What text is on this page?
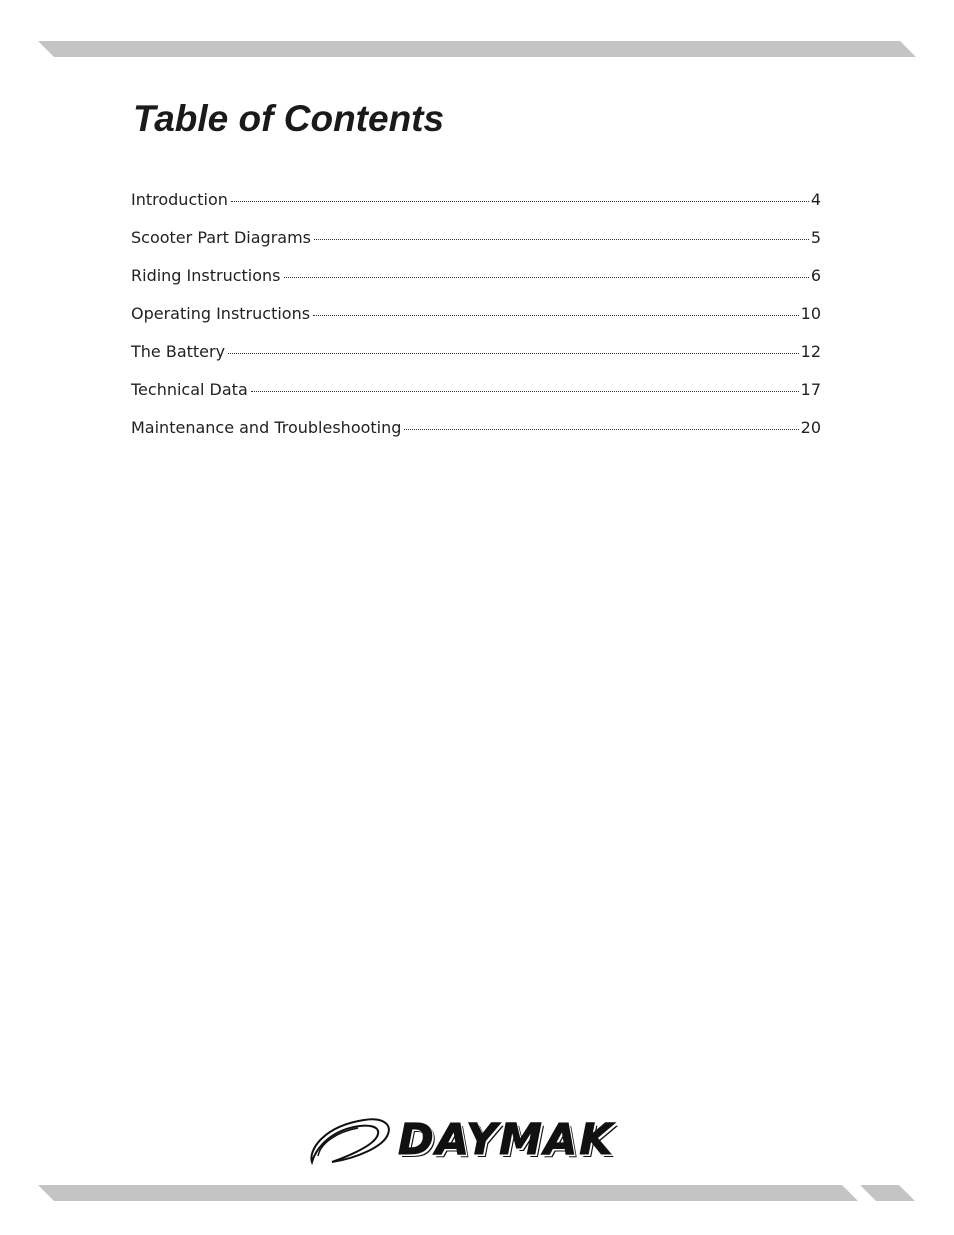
Table of Contents
Introduction	4
Scooter Part Diagrams	5
Riding Instructions	6
Operating Instructions	10
The Battery	12
Technical Data	17
Maintenance and Troubleshooting	20
DAYMAK
